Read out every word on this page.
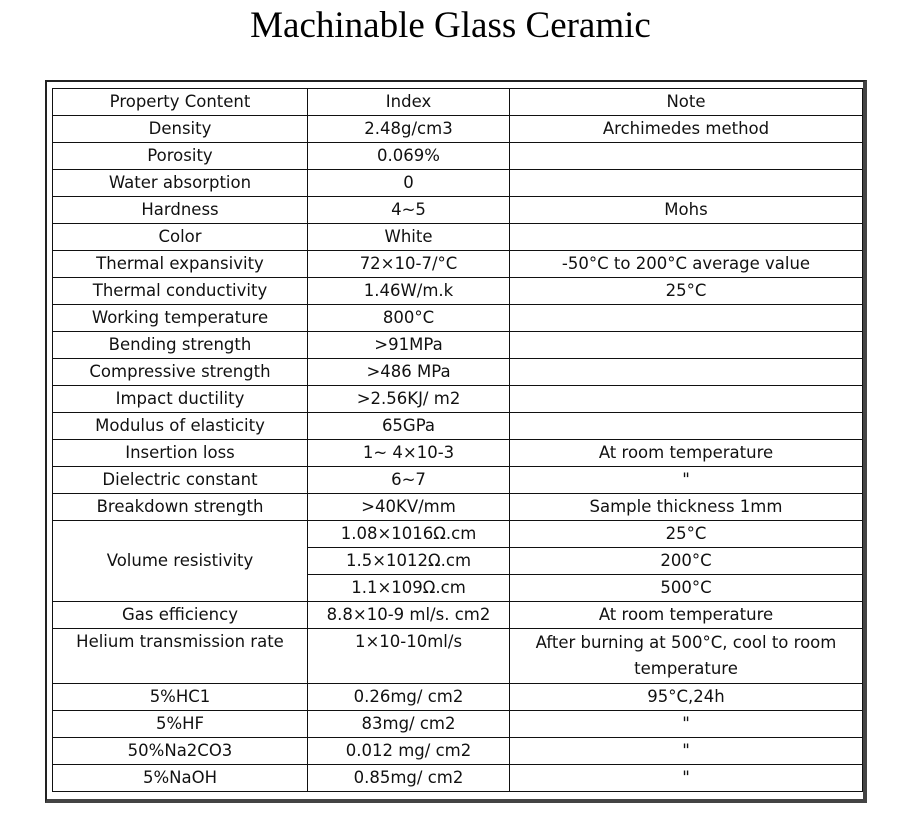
Machinable Glass Ceramic
Property Content	Index	Note
Density	2.48g/cm3	Archimedes method
Porosity	0.069%	
Water absorption	0	
Hardness	4~5	Mohs
Color	White	
Thermal expansivity	72×10-7/°C	-50°C to 200°C average value
Thermal conductivity	1.46W/m.k	25°C
Working temperature	800°C	
Bending strength	>91MPa	
Compressive strength	>486 MPa	
Impact ductility	>2.56KJ/ m2	
Modulus of elasticity	65GPa	
Insertion loss	1~ 4×10-3	At room temperature
Dielectric constant	6~7	"
Breakdown strength	>40KV/mm	Sample thickness 1mm
Volume resistivity	1.08×1016Ω.cm	25°C
	1.5×1012Ω.cm	200°C
	1.1×109Ω.cm	500°C
Gas efficiency	8.8×10-9 ml/s. cm2	At room temperature
Helium transmission rate	1×10-10ml/s	After burning at 500°C, cool to room temperature
5%HC1	0.26mg/ cm2	95°C,24h
5%HF	83mg/ cm2	"
50%Na2CO3	0.012 mg/ cm2	"
5%NaOH	0.85mg/ cm2	"
